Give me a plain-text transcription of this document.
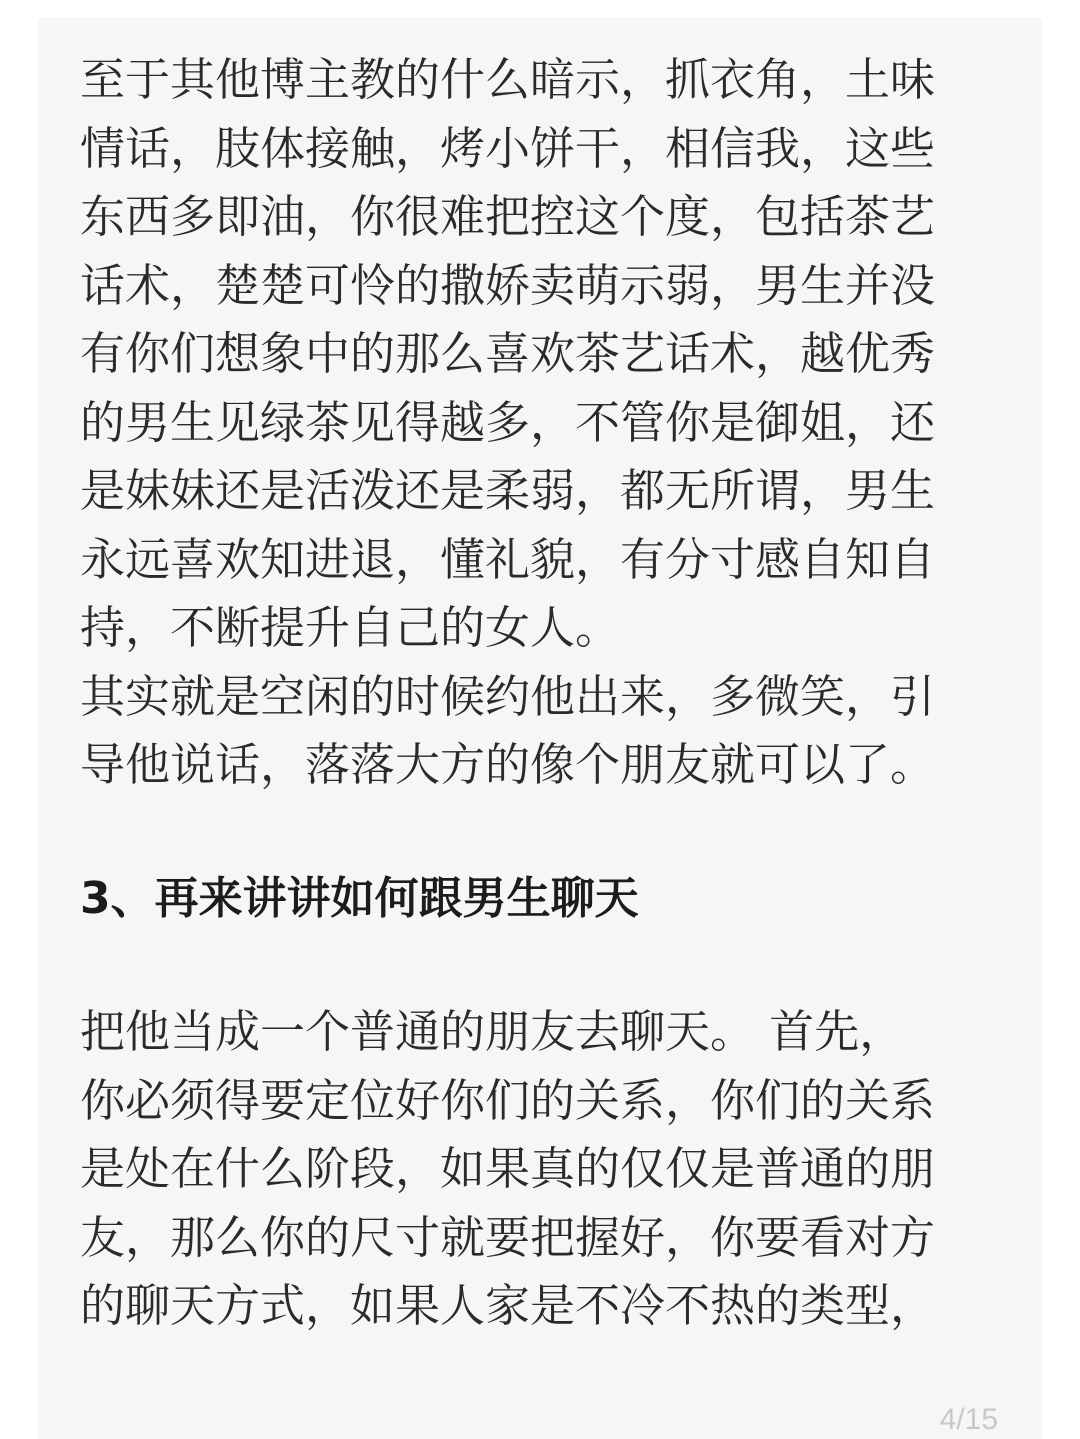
至于其他博主教的什么暗示，抓衣角，土味

情话，肢体接触，烤小饼干，相信我，这些

东西多即油，你很难把控这个度，包括茶艺

话术，楚楚可怜的撒娇卖萌示弱，男生并没

有你们想象中的那么喜欢茶艺话术，越优秀

的男生见绿茶见得越多，不管你是御姐，还

是妹妹还是活泼还是柔弱，都无所谓，男生

永远喜欢知进退，懂礼貌，有分寸感自知自

持，不断提升自己的女人。

其实就是空闲的时候约他出来，多微笑，引

导他说话，落落大方的像个朋友就可以了。

3、再来讲讲如何跟男生聊天

把他当成一个普通的朋友去聊天。 首先，

你必须得要定位好你们的关系，你们的关系

是处在什么阶段，如果真的仅仅是普通的朋

友，那么你的尺寸就要把握好，你要看对方

的聊天方式，如果人家是不冷不热的类型，

4/15
